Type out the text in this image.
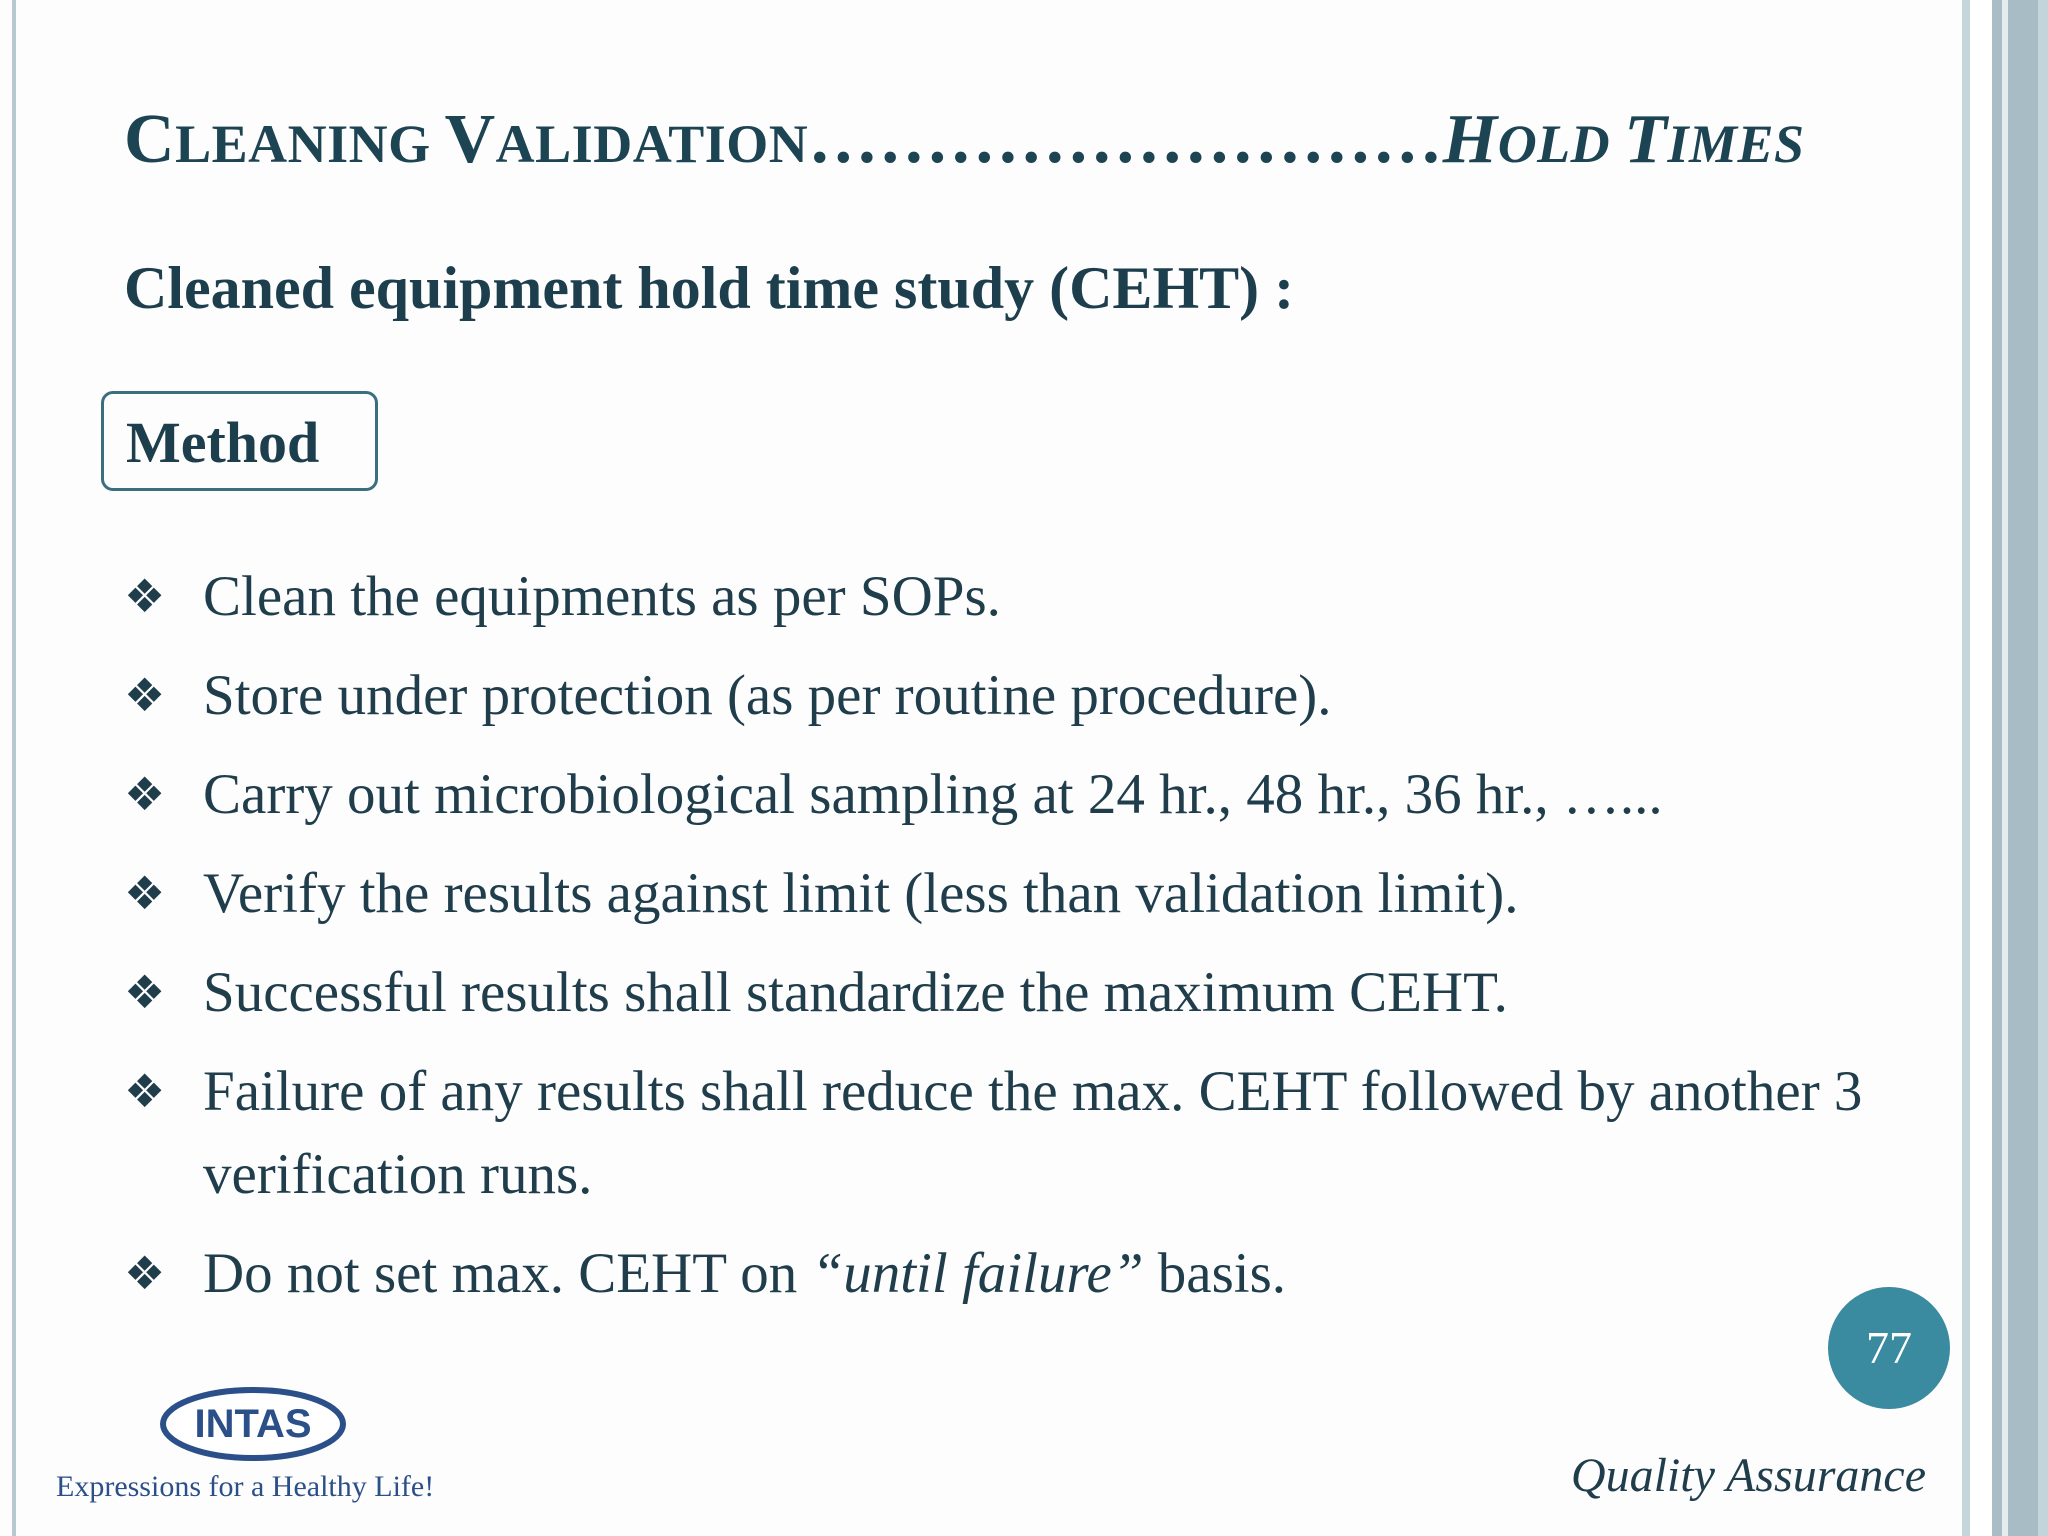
CLEANING VALIDATION………………………HOLD TIMES
Cleaned equipment hold time study (CEHT) :
Method
❖ Clean the equipments as per SOPs.
❖ Store under protection (as per routine procedure).
❖ Carry out microbiological sampling at 24 hr., 48 hr., 36 hr., …...
❖ Verify the results against limit (less than validation limit).
❖ Successful results shall standardize the maximum CEHT.
❖ Failure of any results shall reduce the max. CEHT followed by another 3 verification runs.
❖ Do not set max. CEHT on “until failure” basis.
77
INTAS
Expressions for a Healthy Life!	Quality Assurance
